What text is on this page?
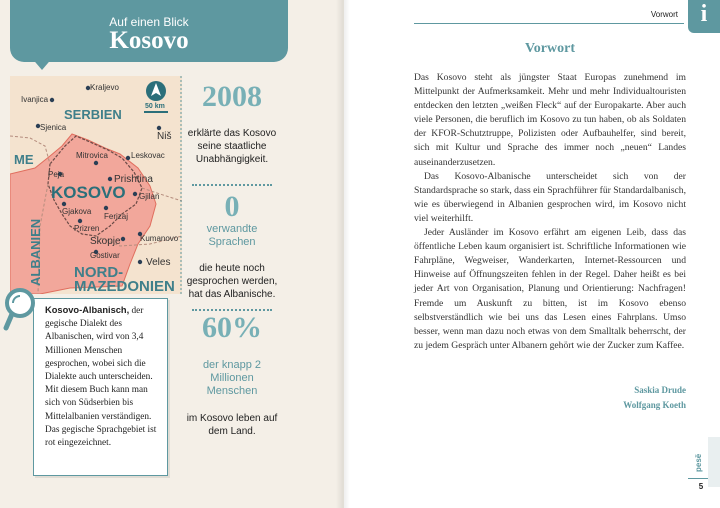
Auf einen Blick
Kosovo
Kraljevo
Ivanjica
SERBIEN
Sjenica
50 km
Niš
ME	Mitrovica	Leskovac
Peja	Prishtina
KOSOVO Gjilan
Gjakova
Ferizaj
ALBANIEN	Prizren
Kumanovo
Skopje
Gostivar
Veles
NORD-
MAZEDONIEN
2008
erklärte das Kosovo seine staatliche Unabhängigkeit.
0
verwandte Sprachen
die heute noch gesprochen werden, hat das Albanische.
60%
der knapp 2 Millionen Menschen
im Kosovo leben auf dem Land.
Kosovo-Albanisch, der gegische Dialekt des Albanischen, wird von 3,4 Millionen Menschen gesprochen, wobei sich die Dialekte auch unterscheiden. Mit diesem Buch kann man sich von Südserbien bis Mittelalbanien verständigen. Das gegische Sprachgebiet ist rot eingezeichnet.
Vorwort i
Vorwort

Das Kosovo steht als jüngster Staat Europas zunehmend im Mittelpunkt der Aufmerksamkeit. Mehr und mehr Individualtouristen entdecken den letzten „weißen Fleck“ auf der Europakarte. Aber auch viele Personen, die beruflich im Kosovo zu tun haben, ob als Soldaten der KFOR-Schutztruppe, Polizisten oder Aufbauhelfer, sind bereit, sich mit Kultur und Sprache des immer noch „neuen“ Landes auseinanderzusetzen.

Das Kosovo-Albanische unterscheidet sich von der Standardsprache so stark, dass ein Sprachführer für Standardalbanisch, wie es überwiegend in Albanien gesprochen wird, im Kosovo nicht viel weiterhilft.

Jeder Ausländer im Kosovo erfährt am eigenen Leib, dass das öffentliche Leben kaum organisiert ist. Schriftliche Informationen wie Fahrpläne, Wegweiser, Wanderkarten, Internet-Ressourcen und Hinweise auf Öffnungszeiten fehlen in der Regel. Daher heißt es bei jeder Art von Organisation, Planung und Orientierung: Nachfragen! Fremde um Auskunft zu bitten, ist im Kosovo ebenso selbstverständlich wie bei uns das Lesen eines Fahrplans. Umso besser, wenn man dazu noch etwas von dem Smalltalk beherrscht, der zu jedem Gespräch unter Albanern gehört wie der Zucker zum Kaffee.

Saskia Drude
Wolfgang Koeth
pesë
5
